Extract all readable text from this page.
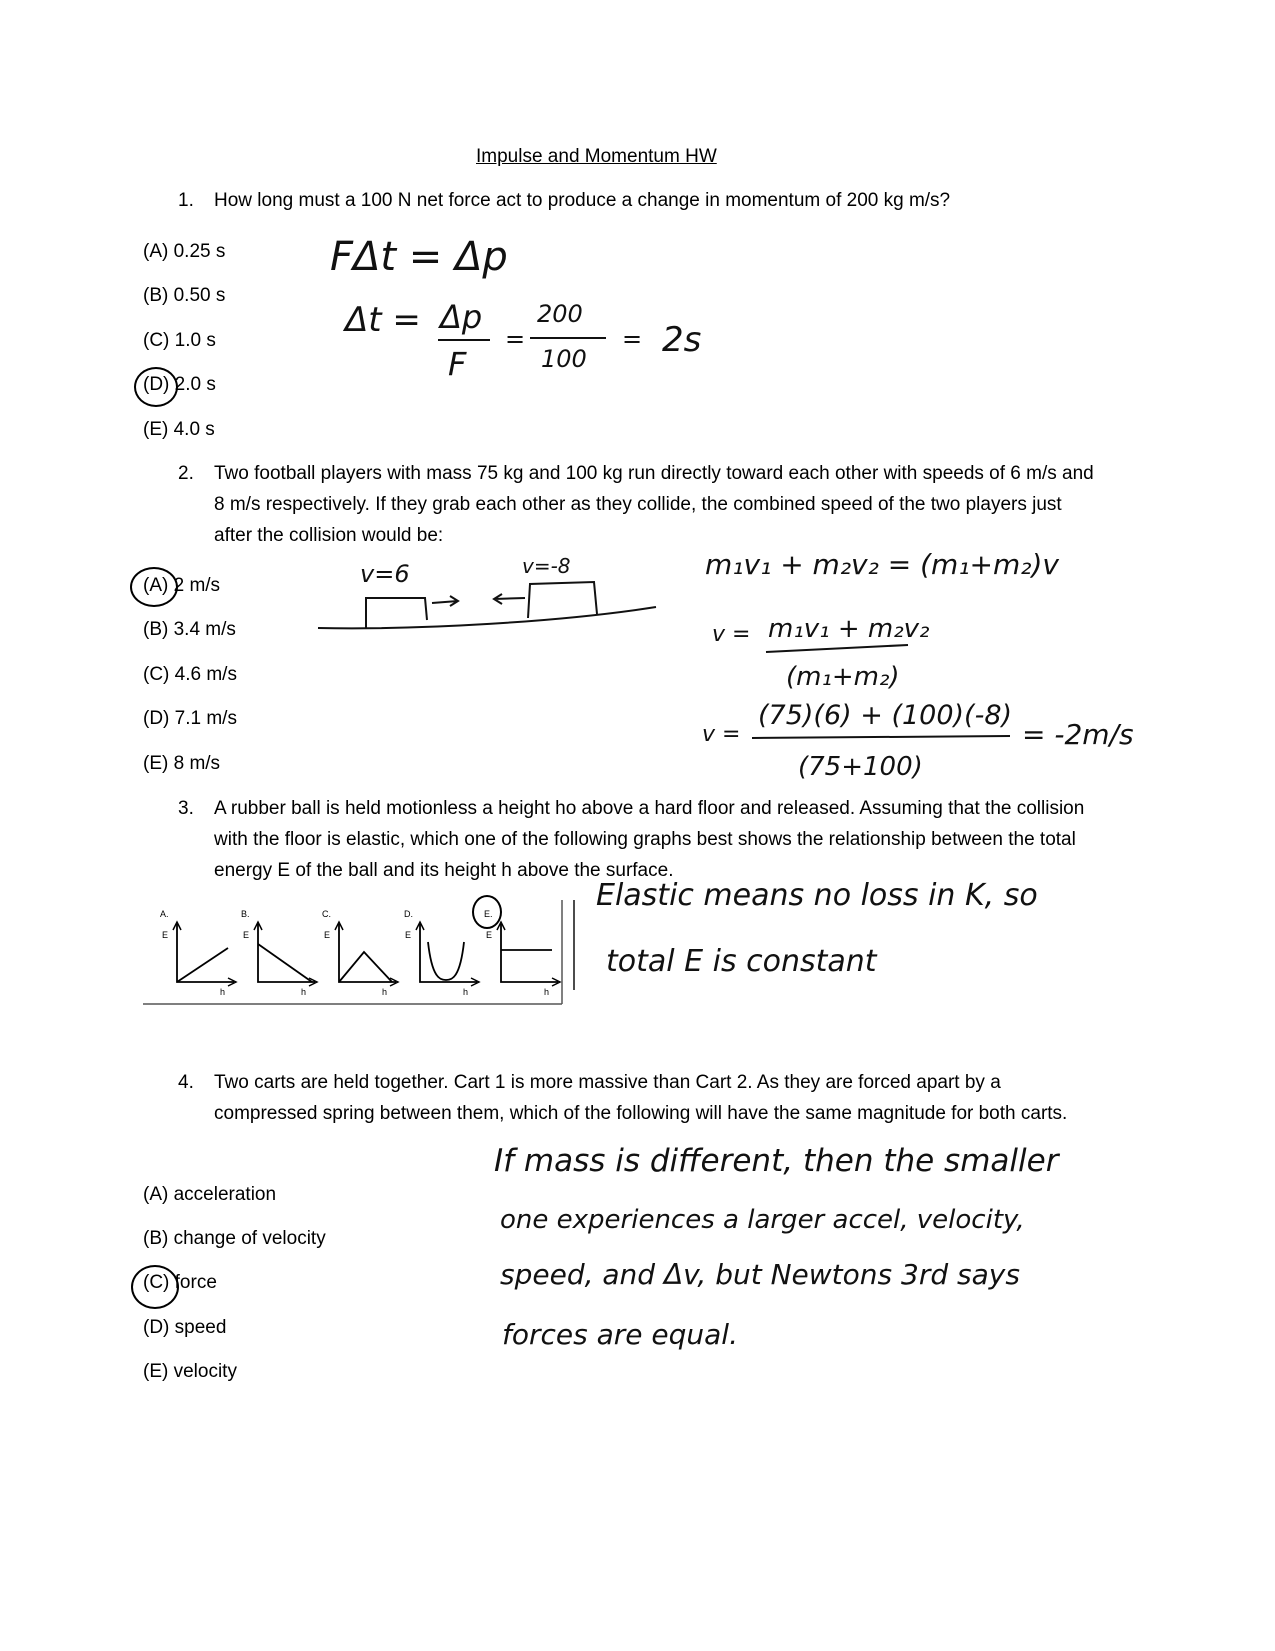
Impulse and Momentum HW
1. How long must a 100 N net force act to produce a change in momentum of 200 kg m/s?
(A) 0.25 s
(B) 0.50 s
(C) 1.0 s
(D) 2.0 s
(E) 4.0 s
FΔt = Δp
Δt = Δp
F
=
200
100
= 2s
2. Two football players with mass 75 kg and 100 kg run directly toward each other with speeds of 6 m/s and 8 m/s respectively. If they grab each other as they collide, the combined speed of the two players just after the collision would be:
(A) 2 m/s
(B) 3.4 m/s
(C) 4.6 m/s
(D) 7.1 m/s
(E) 8 m/s
v=6	v=-8	m₁v₁ + m₂v₂ = (m₁+m₂)v
v = m₁v₁ + m₂v₂
(m₁+m₂)
v =
(75)(6) + (100)(-8)
(75+100)
= -2m/s
3. A rubber ball is held motionless a height ho above a hard floor and released. Assuming that the collision with the floor is elastic, which one of the following graphs best shows the relationship between the total energy E of the ball and its height h above the surface.
A.	B.	C.	D.	E.
E	E	E	E	E
h	h	h	h	h
Elastic means no loss in K, so
total E is constant
4. Two carts are held together. Cart 1 is more massive than Cart 2. As they are forced apart by a compressed spring between them, which of the following will have the same magnitude for both carts.
(A) acceleration
(B) change of velocity
(C) force
(D) speed
(E) velocity
If mass is different, then the smaller
one experiences a larger accel, velocity,
speed, and Δv, but Newtons 3rd says
forces are equal.
